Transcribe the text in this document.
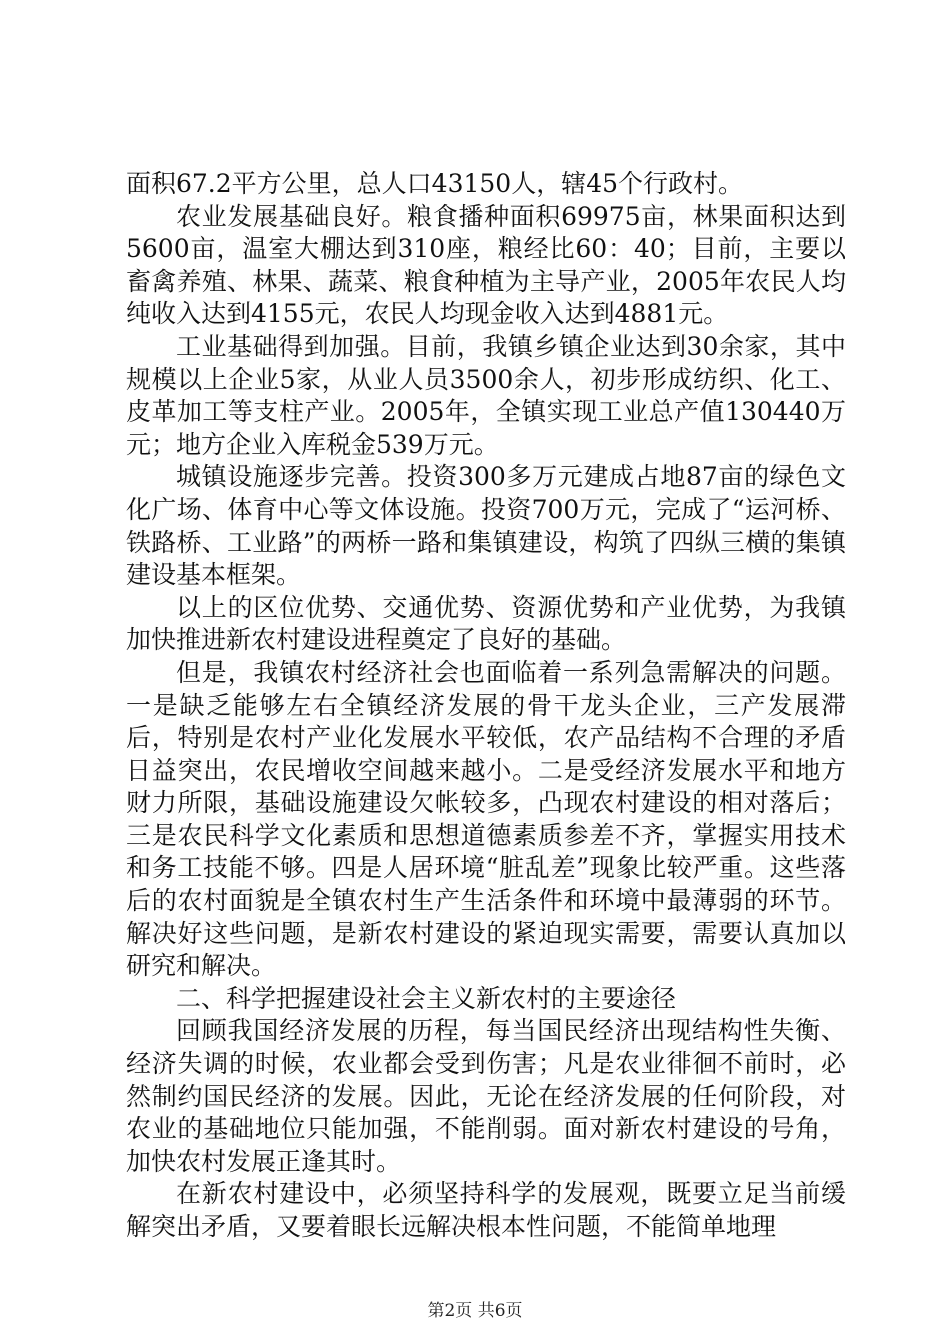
面积67.2平方公里，总人口43150人，辖45个行政村。

农业发展基础良好。粮食播种面积69975亩，林果面积达到5600亩，温室大棚达到310座，粮经比60：40；目前，主要以畜禽养殖、林果、蔬菜、粮食种植为主导产业，2005年农民人均纯收入达到4155元，农民人均现金收入达到4881元。

工业基础得到加强。目前，我镇乡镇企业达到30余家，其中规模以上企业5家，从业人员3500余人，初步形成纺织、化工、皮革加工等支柱产业。2005年，全镇实现工业总产值130440万元；地方企业入库税金539万元。

城镇设施逐步完善。投资300多万元建成占地87亩的绿色文化广场、体育中心等文体设施。投资700万元，完成了“运河桥、铁路桥、工业路”的两桥一路和集镇建设，构筑了四纵三横的集镇建设基本框架。

以上的区位优势、交通优势、资源优势和产业优势，为我镇加快推进新农村建设进程奠定了良好的基础。

但是，我镇农村经济社会也面临着一系列急需解决的问题。一是缺乏能够左右全镇经济发展的骨干龙头企业，三产发展滞后，特别是农村产业化发展水平较低，农产品结构不合理的矛盾日益突出，农民增收空间越来越小。二是受经济发展水平和地方财力所限，基础设施建设欠帐较多，凸现农村建设的相对落后；三是农民科学文化素质和思想道德素质参差不齐，掌握实用技术和务工技能不够。四是人居环境“脏乱差”现象比较严重。这些落后的农村面貌是全镇农村生产生活条件和环境中最薄弱的环节。解决好这些问题，是新农村建设的紧迫现实需要，需要认真加以研究和解决。

二、科学把握建设社会主义新农村的主要途径

回顾我国经济发展的历程，每当国民经济出现结构性失衡、经济失调的时候，农业都会受到伤害；凡是农业徘徊不前时，必然制约国民经济的发展。因此，无论在经济发展的任何阶段，对农业的基础地位只能加强，不能削弱。面对新农村建设的号角，加快农村发展正逢其时。

在新农村建设中，必须坚持科学的发展观，既要立足当前缓解突出矛盾，又要着眼长远解决根本性问题，不能简单地理

第2页 共6页
